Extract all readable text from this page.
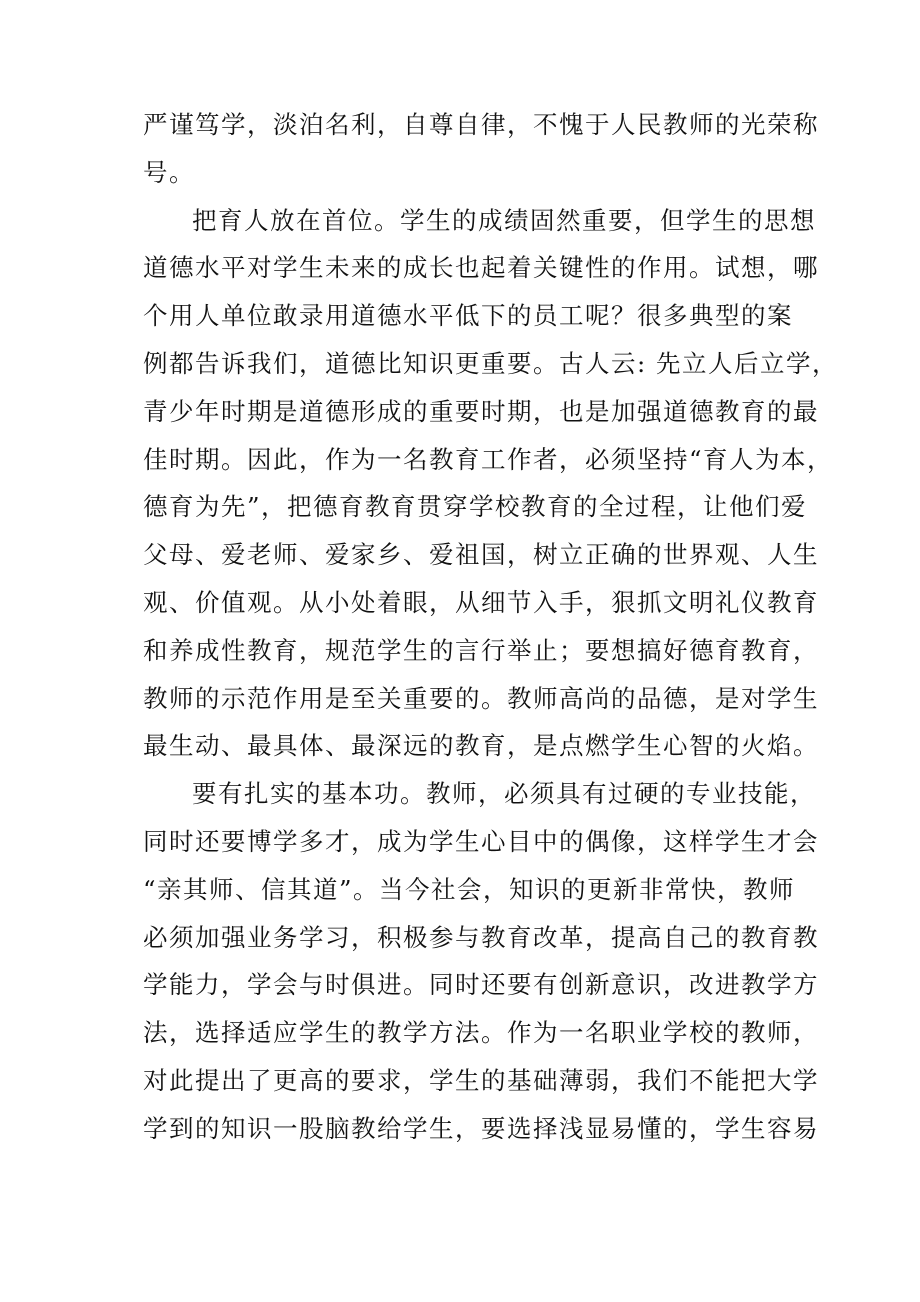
严谨笃学，淡泊名利，自尊自律，不愧于人民教师的光荣称
号。
把育人放在首位。学生的成绩固然重要，但学生的思想
道德水平对学生未来的成长也起着关键性的作用。试想，哪
个用人单位敢录用道德水平低下的员工呢？很多典型的案
例都告诉我们，道德比知识更重要。古人云: 先立人后立学，
青少年时期是道德形成的重要时期，也是加强道德教育的最
佳时期。因此，作为一名教育工作者，必须坚持“育人为本，
德育为先”，把德育教育贯穿学校教育的全过程，让他们爱
父母、爱老师、爱家乡、爱祖国，树立正确的世界观、人生
观、价值观。从小处着眼，从细节入手，狠抓文明礼仪教育
和养成性教育，规范学生的言行举止；要想搞好德育教育，
教师的示范作用是至关重要的。教师高尚的品德，是对学生
最生动、最具体、最深远的教育，是点燃学生心智的火焰。
要有扎实的基本功。教师，必须具有过硬的专业技能，
同时还要博学多才，成为学生心目中的偶像，这样学生才会
“亲其师、信其道”。当今社会，知识的更新非常快，教师
必须加强业务学习，积极参与教育改革，提高自己的教育教
学能力，学会与时俱进。同时还要有创新意识，改进教学方
法，选择适应学生的教学方法。作为一名职业学校的教师，
对此提出了更高的要求，学生的基础薄弱，我们不能把大学
学到的知识一股脑教给学生，要选择浅显易懂的，学生容易
